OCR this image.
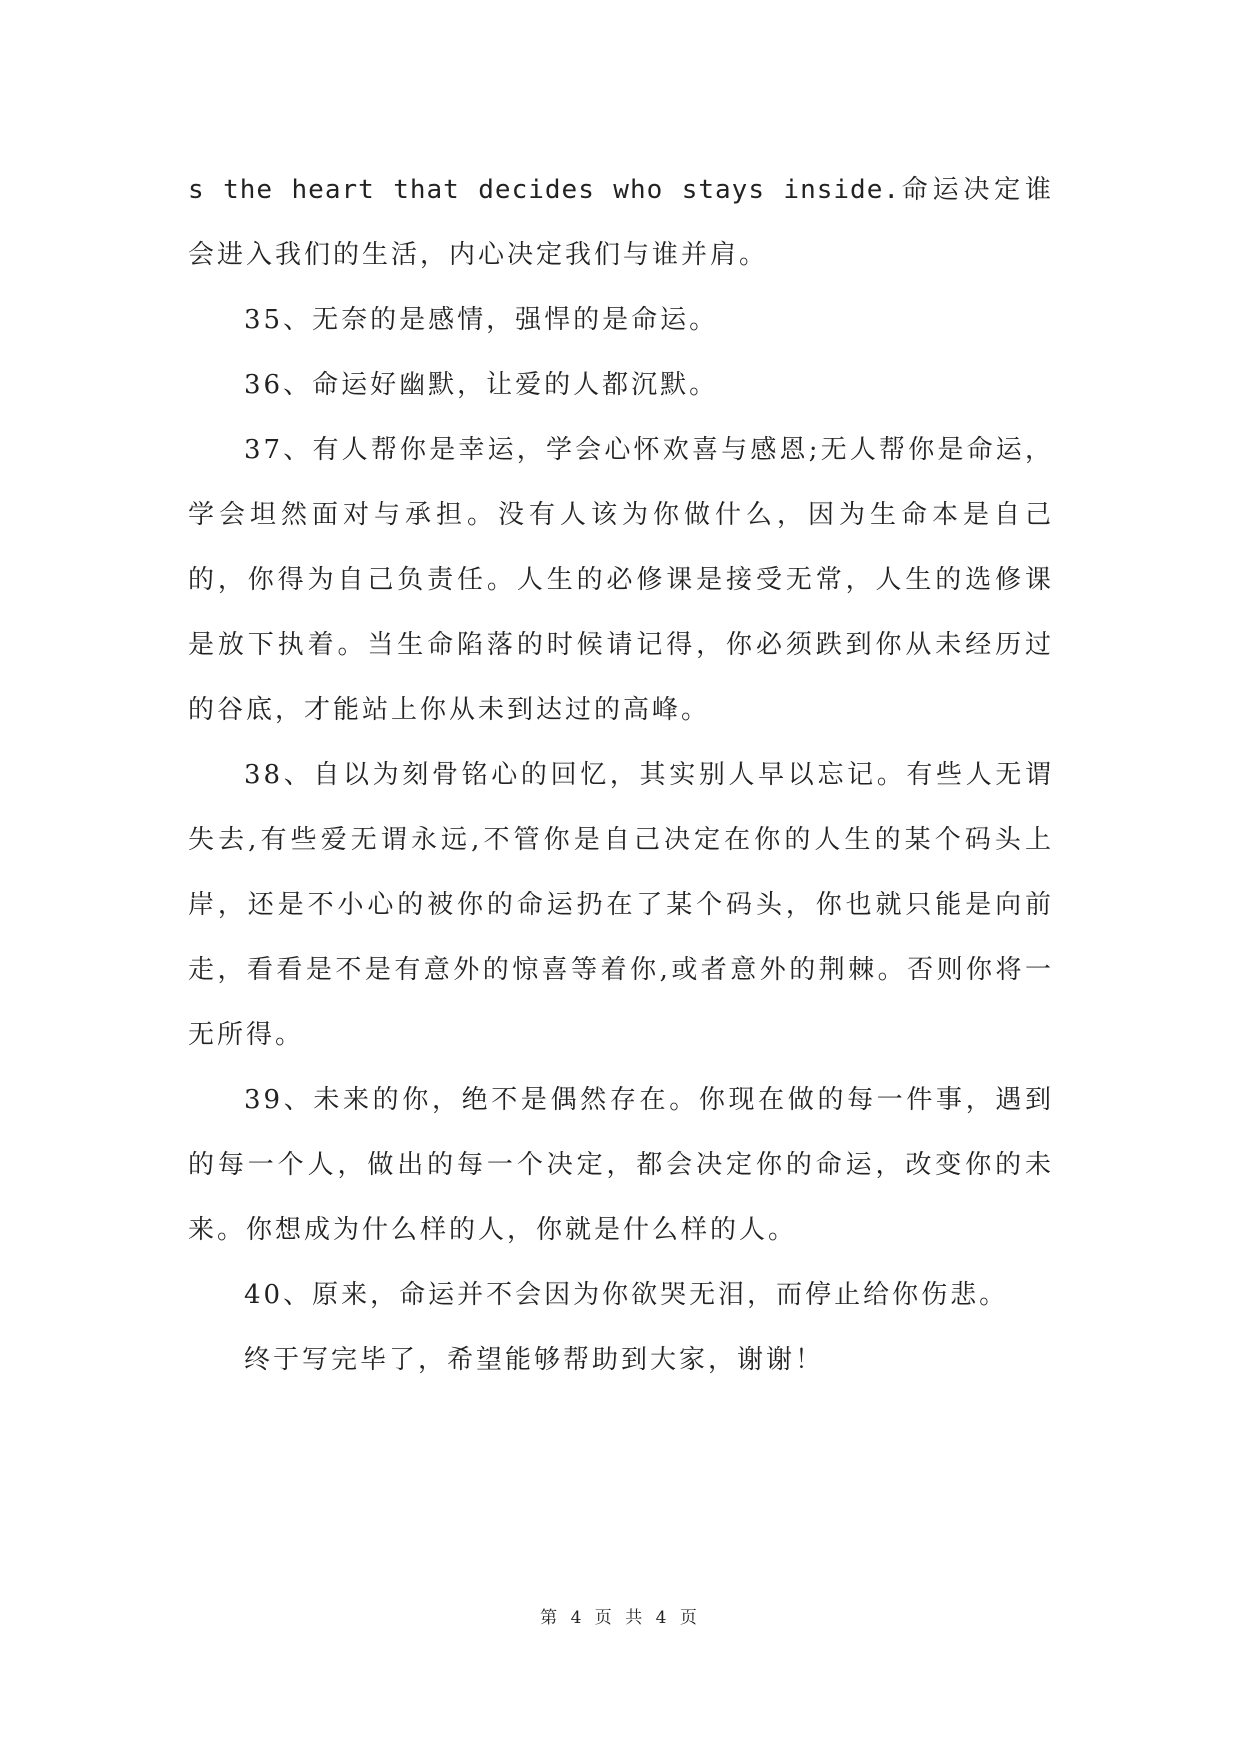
s the heart that decides who stays inside.命运决定谁会进入我们的生活，内心决定我们与谁并肩。

35、无奈的是感情，强悍的是命运。

36、命运好幽默，让爱的人都沉默。

37、有人帮你是幸运，学会心怀欢喜与感恩;无人帮你是命运，学会坦然面对与承担。没有人该为你做什么，因为生命本是自己的，你得为自己负责任。人生的必修课是接受无常，人生的选修课是放下执着。当生命陷落的时候请记得，你必须跌到你从未经历过的谷底，才能站上你从未到达过的高峰。

38、自以为刻骨铭心的回忆，其实别人早以忘记。有些人无谓失去,有些爱无谓永远,不管你是自己决定在你的人生的某个码头上岸，还是不小心的被你的命运扔在了某个码头，你也就只能是向前走，看看是不是有意外的惊喜等着你,或者意外的荆棘。否则你将一无所得。

39、未来的你，绝不是偶然存在。你现在做的每一件事，遇到的每一个人，做出的每一个决定，都会决定你的命运，改变你的未来。你想成为什么样的人，你就是什么样的人。

40、原来，命运并不会因为你欲哭无泪，而停止给你伤悲。

终于写完毕了，希望能够帮助到大家，谢谢！

第 4 页 共 4 页
